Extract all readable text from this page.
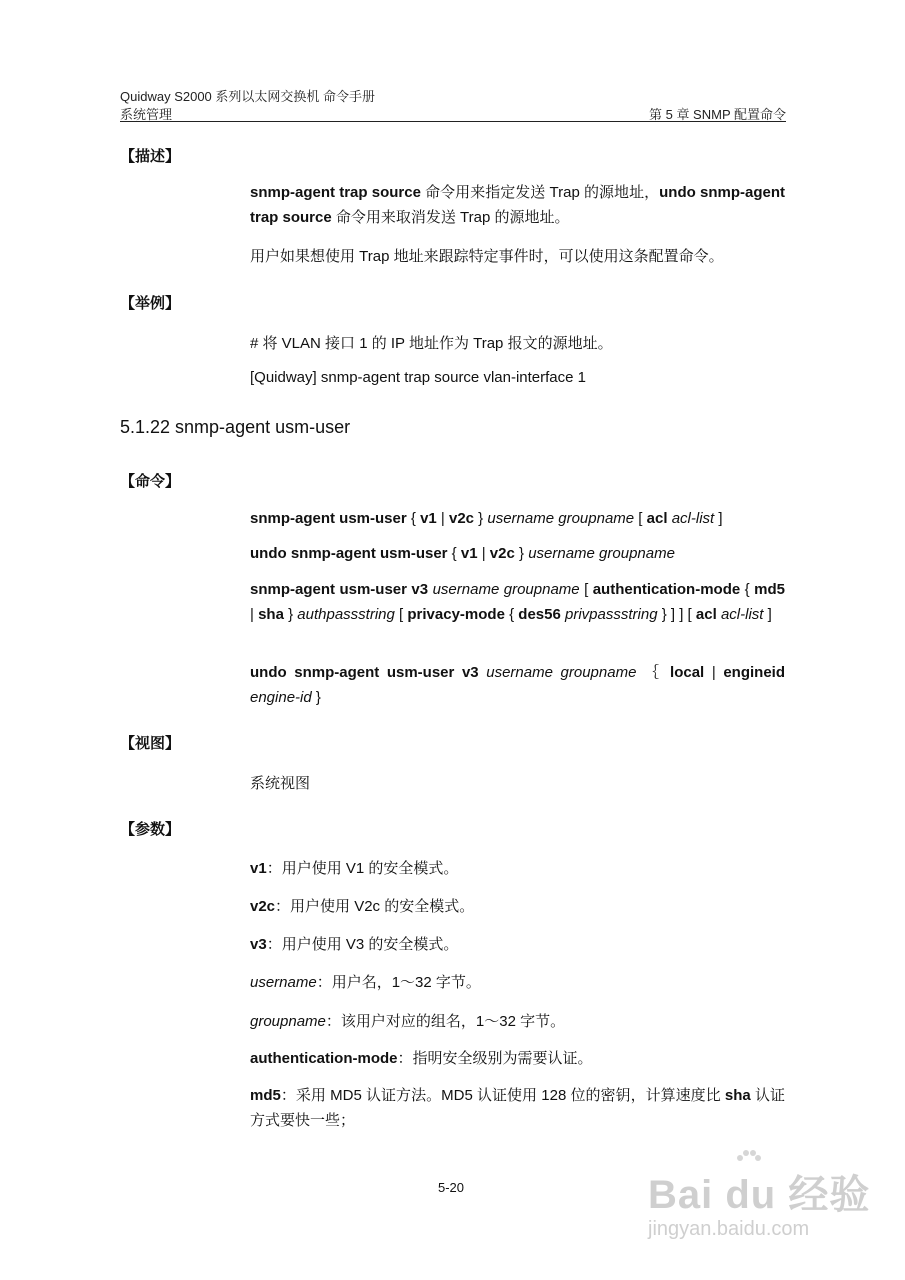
Quidway S2000 系列以太网交换机 命令手册
系统管理	第 5 章 SNMP 配置命令
【描述】
snmp-agent trap source 命令用来指定发送 Trap 的源地址，undo snmp-agent trap source 命令用来取消发送 Trap 的源地址。
用户如果想使用 Trap 地址来跟踪特定事件时，可以使用这条配置命令。
【举例】
# 将 VLAN 接口 1 的 IP 地址作为 Trap 报文的源地址。
[Quidway] snmp-agent trap source vlan-interface 1
5.1.22 snmp-agent usm-user
【命令】
snmp-agent usm-user { v1 | v2c } username groupname [ acl acl-list ]
undo snmp-agent usm-user { v1 | v2c } username groupname
snmp-agent usm-user v3 username groupname [ authentication-mode { md5 | sha } authpassstring [ privacy-mode { des56 privpassstring } ] ] [ acl acl-list ]
undo snmp-agent usm-user v3 username groupname ｛ local | engineid engine-id }
【视图】
系统视图
【参数】
v1：用户使用 V1 的安全模式。
v2c：用户使用 V2c 的安全模式。
v3：用户使用 V3 的安全模式。
username：用户名，1～32 字节。
groupname：该用户对应的组名，1～32 字节。
authentication-mode：指明安全级别为需要认证。
md5：采用 MD5 认证方法。MD5 认证使用 128 位的密钥，计算速度比 sha 认证方式要快一些；
5-20	Bai du 经验
jingyan.baidu.com
